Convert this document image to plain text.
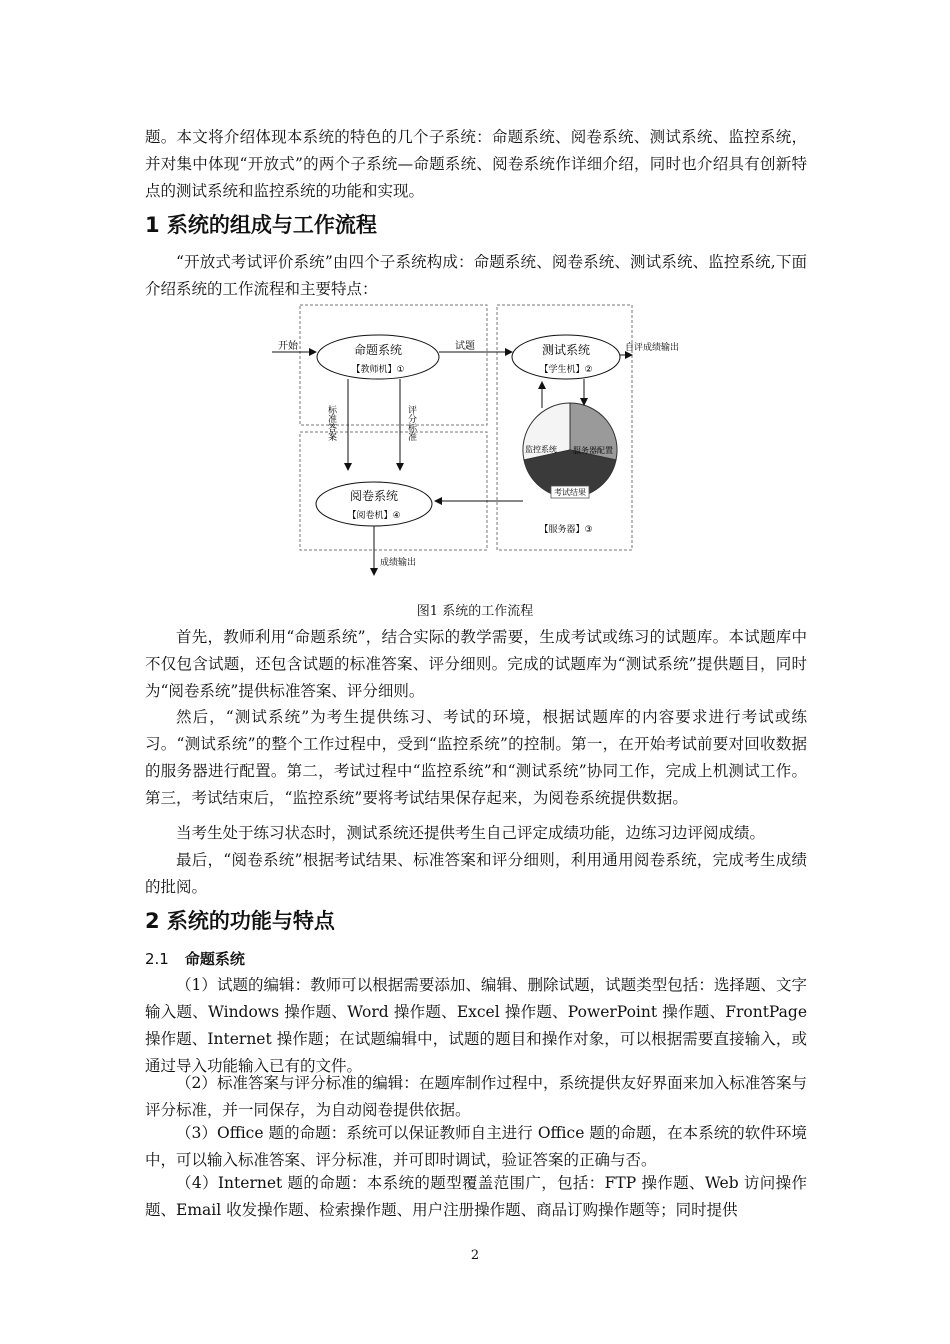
题。本文将介绍体现本系统的特色的几个子系统：命题系统、阅卷系统、测试系统、监控系统，并对集中体现“开放式”的两个子系统—命题系统、阅卷系统作详细介绍，同时也介绍具有创新特点的测试系统和监控系统的功能和实现。

1 系统的组成与工作流程

“开放式考试评价系统”由四个子系统构成：命题系统、阅卷系统、测试系统、监控系统,下面介绍系统的工作流程和主要特点：

开始	命题系统
【教师机】①
试题	测试系统
【学生机】②
自评成绩输出
标准答案	评分标准
阅卷系统
【阅卷机】④
监控系统 服务器配置
考试结果
【服务器】③
成绩输出

图1 系统的工作流程

首先，教师利用“命题系统”，结合实际的教学需要，生成考试或练习的试题库。本试题库中不仅包含试题，还包含试题的标准答案、评分细则。完成的试题库为“测试系统”提供题目，同时为“阅卷系统”提供标准答案、评分细则。

然后，“测试系统”为考生提供练习、考试的环境，根据试题库的内容要求进行考试或练习。“测试系统”的整个工作过程中，受到“监控系统”的控制。第一，在开始考试前要对回收数据的服务器进行配置。第二，考试过程中“监控系统”和“测试系统”协同工作，完成上机测试工作。第三，考试结束后，“监控系统”要将考试结果保存起来，为阅卷系统提供数据。

当考生处于练习状态时，测试系统还提供考生自己评定成绩功能，边练习边评阅成绩。

最后，“阅卷系统”根据考试结果、标准答案和评分细则，利用通用阅卷系统，完成考生成绩的批阅。

2 系统的功能与特点
2.1 命题系统

（1）试题的编辑：教师可以根据需要添加、编辑、删除试题，试题类型包括：选择题、文字输入题、Windows 操作题、Word 操作题、Excel 操作题、PowerPoint 操作题、FrontPage 操作题、Internet 操作题；在试题编辑中，试题的题目和操作对象，可以根据需要直接输入，或通过导入功能输入已有的文件。

（2）标准答案与评分标准的编辑：在题库制作过程中，系统提供友好界面来加入标准答案与评分标准，并一同保存，为自动阅卷提供依据。

（3）Office 题的命题：系统可以保证教师自主进行 Office 题的命题，在本系统的软件环境中，可以输入标准答案、评分标准，并可即时调试，验证答案的正确与否。

（4）Internet 题的命题：本系统的题型覆盖范围广，包括：FTP 操作题、Web 访问操作题、Email 收发操作题、检索操作题、用户注册操作题、商品订购操作题等；同时提供

2
